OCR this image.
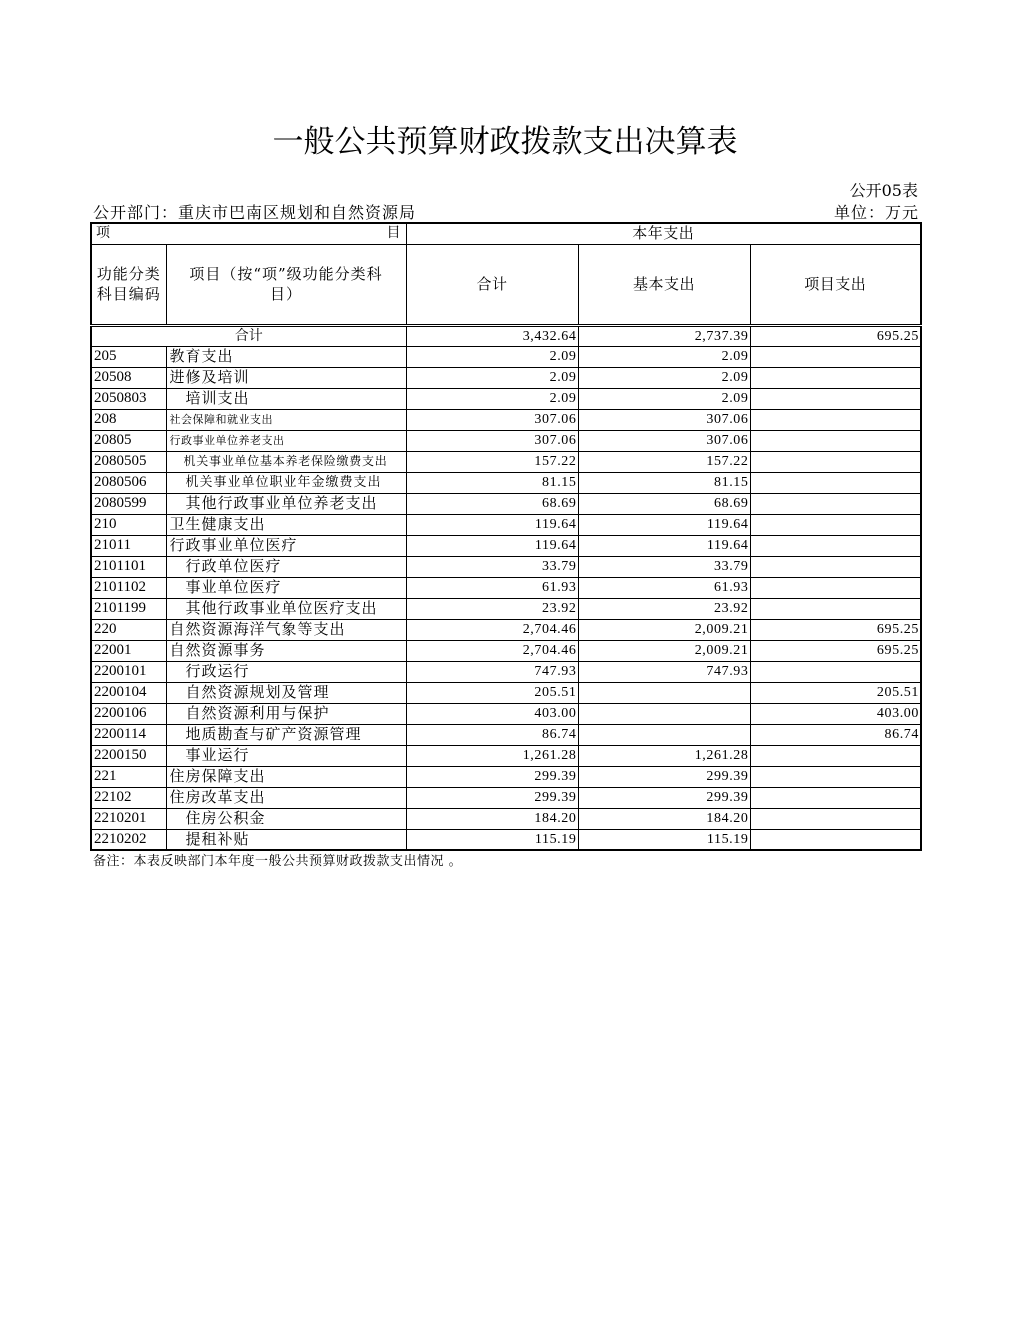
一般公共预算财政拨款支出决算表
公开05表
公开部门：重庆市巴南区规划和自然资源局	单位：万元
项 目		本年支出		
功能分类科目编码	项目（按“项”级功能分类科目）	合计	基本支出	项目支出
合计		3,432.64	2,737.39	695.25
205	教育支出	2.09	2.09	
20508	进修及培训	2.09	2.09	
2050803	培训支出	2.09	2.09	
208	社会保障和就业支出	307.06	307.06	
20805	行政事业单位养老支出	307.06	307.06	
2080505	机关事业单位基本养老保险缴费支出	157.22	157.22	
2080506	机关事业单位职业年金缴费支出	81.15	81.15	
2080599	其他行政事业单位养老支出	68.69	68.69	
210	卫生健康支出	119.64	119.64	
21011	行政事业单位医疗	119.64	119.64	
2101101	行政单位医疗	33.79	33.79	
2101102	事业单位医疗	61.93	61.93	
2101199	其他行政事业单位医疗支出	23.92	23.92	
220	自然资源海洋气象等支出	2,704.46	2,009.21	695.25
22001	自然资源事务	2,704.46	2,009.21	695.25
2200101	行政运行	747.93	747.93	
2200104	自然资源规划及管理	205.51		205.51
2200106	自然资源利用与保护	403.00		403.00
2200114	地质勘查与矿产资源管理	86.74		86.74
2200150	事业运行	1,261.28	1,261.28	
221	住房保障支出	299.39	299.39	
22102	住房改革支出	299.39	299.39	
2210201	住房公积金	184.20	184.20	
2210202	提租补贴	115.19	115.19	
备注：本表反映部门本年度一般公共预算财政拨款支出情况 。
